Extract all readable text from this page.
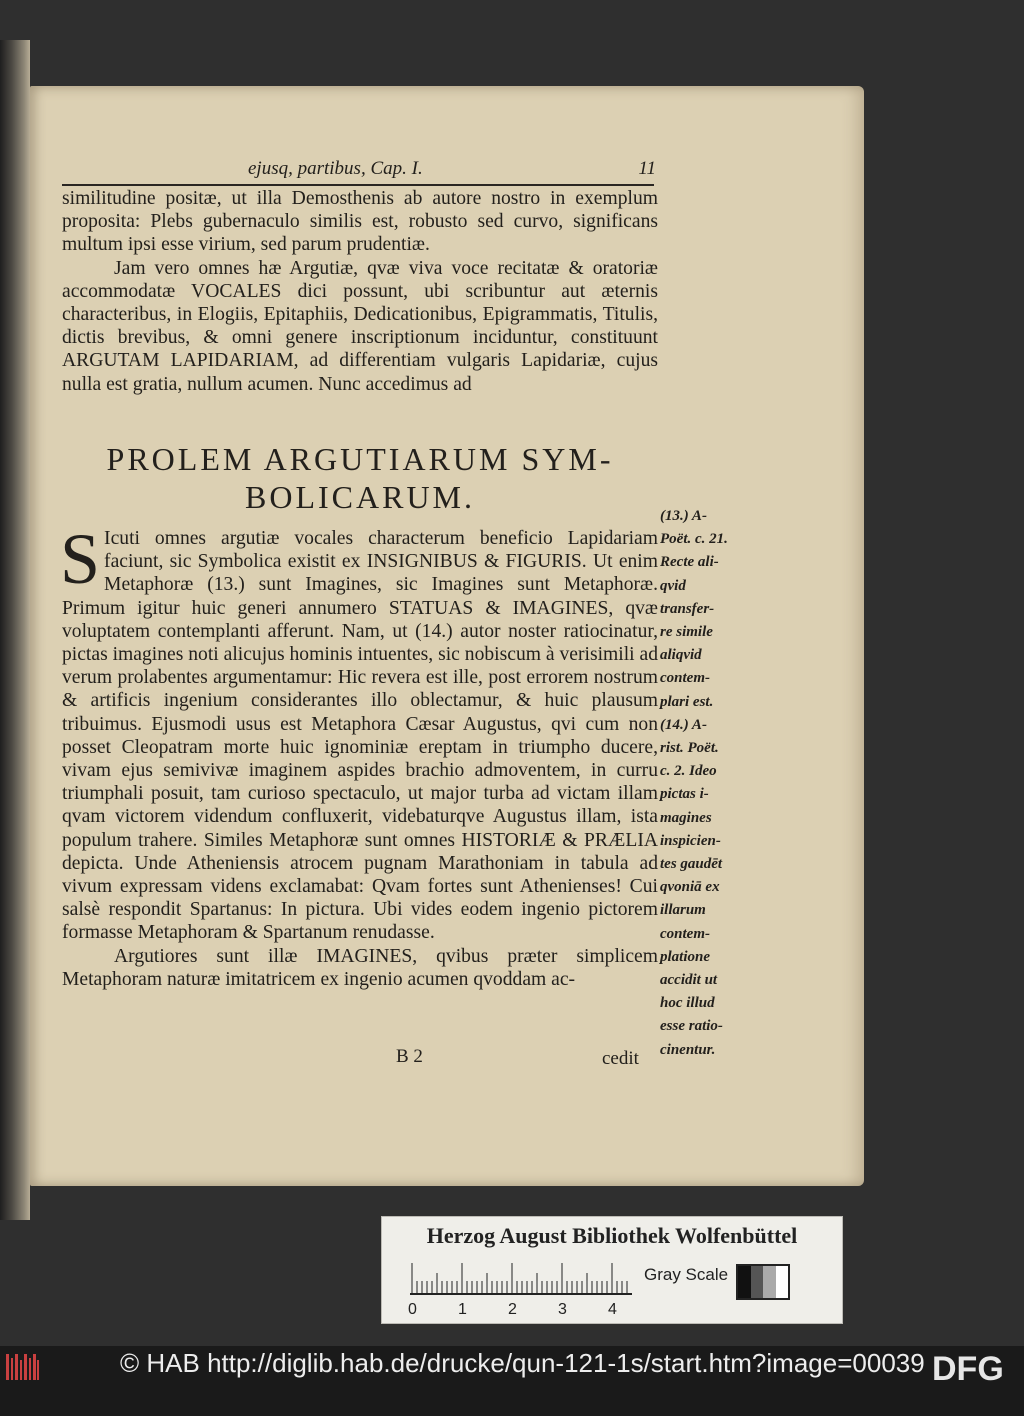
ejusq, partibus, Cap. I.	11

similitudine positæ, ut illa Demosthenis ab autore nostro in exemplum proposita: Plebs gubernaculo similis est, robusto sed curvo, significans multum ipsi esse virium, sed parum prudentiæ.

Jam vero omnes hæ Argutiæ, qvæ viva voce recitatæ & oratoriæ accommodatæ VOCALES dici possunt, ubi scribuntur aut æternis characteribus, in Elogiis, Epitaphiis, Dedicationibus, Epigrammatis, Titulis, dictis brevibus, & omni genere inscriptionum inciduntur, constituunt ARGUTAM LAPIDARIAM, ad differentiam vulgaris Lapidariæ, cujus nulla est gratia, nullum acumen. Nunc accedimus ad

PROLEM ARGUTIARUM SYM-
BOLICARUM.

S Icuti omnes argutiæ vocales characterum beneficio Lapidariam faciunt, sic Symbolica existit ex INSIGNIBUS & FIGURIS. Ut enim Metaphoræ (13.) sunt Imagines, sic Imagines sunt Metaphoræ. Primum igitur huic generi annumero STATUAS & IMAGINES, qvæ voluptatem contemplanti afferunt. Nam, ut (14.) autor noster ratiocinatur, pictas imagines noti alicujus hominis intuentes, sic nobiscum à verisimili ad verum prolabentes argumentamur: Hic revera est ille, post errorem nostrum & artificis ingenium considerantes illo oblectamur, & huic plausum tribuimus. Ejusmodi usus est Metaphora Cæsar Augustus, qvi cum non posset Cleopatram morte huic ignominiæ ereptam in triumpho ducere, vivam ejus semivivæ imaginem aspides brachio admoventem, in curru triumphali posuit, tam curioso spectaculo, ut major turba ad victam illam qvam victorem videndum confluxerit, videbaturqve Augustus illam, ista populum trahere. Similes Metaphoræ sunt omnes HISTORIÆ & PRÆLIA depicta. Unde Atheniensis atrocem pugnam Marathoniam in tabula ad vivum expressam videns exclamabat: Qvam fortes sunt Athenienses! Cui salsè respondit Spartanus: In pictura. Ubi vides eodem ingenio pictorem formasse Metaphoram & Spartanum renudasse.

Argutiores sunt illæ IMAGINES, qvibus præter simplicem Metaphoram naturæ imitatricem ex ingenio acumen qvoddam ac-

(13.) A-
Poët. c. 21.
Recte ali-
qvid
transfer-
re simile
aliqvid
contem-
plari est.
(14.) A-
rist. Poët.
c. 2. Ideo
pictas i-
magines
inspicien-
tes gaudēt
qvoniā ex
illarum
contem-
platione
accidit ut
hoc illud
esse ratio-
cinentur.
B 2	cedit
Herzog August Bibliothek Wolfenbüttel
0	1	2	3	4
Gray Scale
© HAB http://diglib.hab.de/drucke/qun-121-1s/start.htm?image=00039 DFG
